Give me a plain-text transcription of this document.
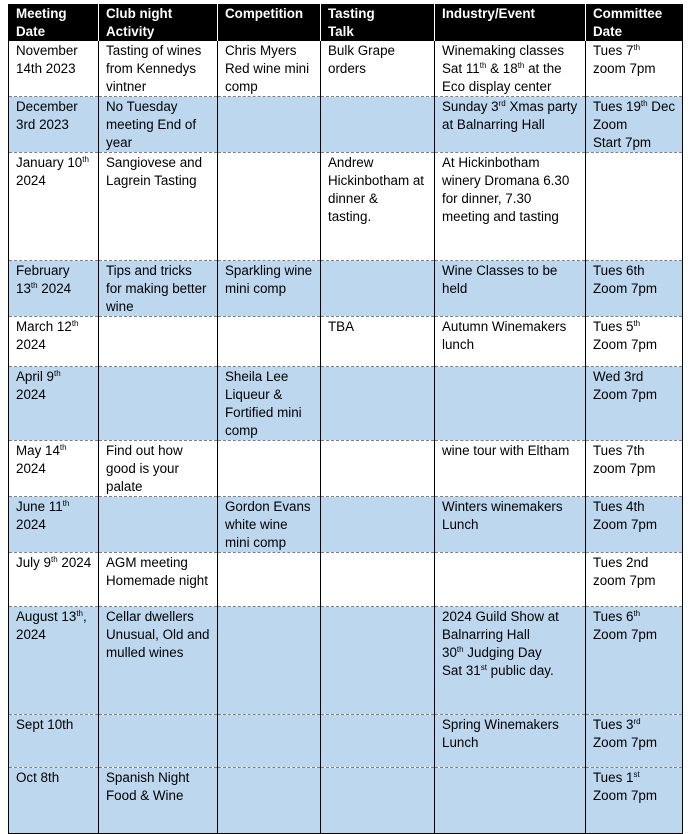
Meeting
Date	Club night
Activity	Competition	Tasting
Talk	Industry/Event	Committee
Date

November
14th 2023	Tasting of wines
from Kennedys
vintner	Chris Myers
Red wine mini
comp	Bulk Grape
orders	Winemaking classes
Sat 11th & 18th at the
Eco display center	Tues 7th
zoom 7pm

December
3rd 2023	No Tuesday
meeting End of
year			Sunday 3rd Xmas party
at Balnarring Hall	Tues 19th Dec
Zoom
Start 7pm

January 10th
2024	Sangiovese and
Lagrein Tasting		Andrew
Hickinbotham at
dinner &
tasting.	At Hickinbotham
winery Dromana 6.30
for dinner, 7.30
meeting and tasting	

February
13th 2024	Tips and tricks
for making better
wine	Sparkling wine
mini comp		Wine Classes to be
held	Tues 6th
Zoom 7pm

March 12th
2024			TBA	Autumn Winemakers
lunch	Tues 5th
Zoom 7pm

April 9th
2024		Sheila Lee
Liqueur &
Fortified mini
comp			Wed 3rd
Zoom 7pm

May 14th
2024	Find out how
good is your
palate			wine tour with Eltham	Tues 7th
zoom 7pm

June 11th
2024		Gordon Evans
white wine
mini comp		Winters winemakers
Lunch	Tues 4th
Zoom 7pm

July 9th 2024	AGM meeting
Homemade night				Tues 2nd
zoom 7pm

August 13th,
2024	Cellar dwellers
Unusual, Old and
mulled wines			2024 Guild Show at
Balnarring Hall
30th Judging Day
Sat 31st public day.	Tues 6th
Zoom 7pm

Sept 10th				Spring Winemakers
Lunch	Tues 3rd
Zoom 7pm

Oct 8th	Spanish Night
Food & Wine				Tues 1st
Zoom 7pm
